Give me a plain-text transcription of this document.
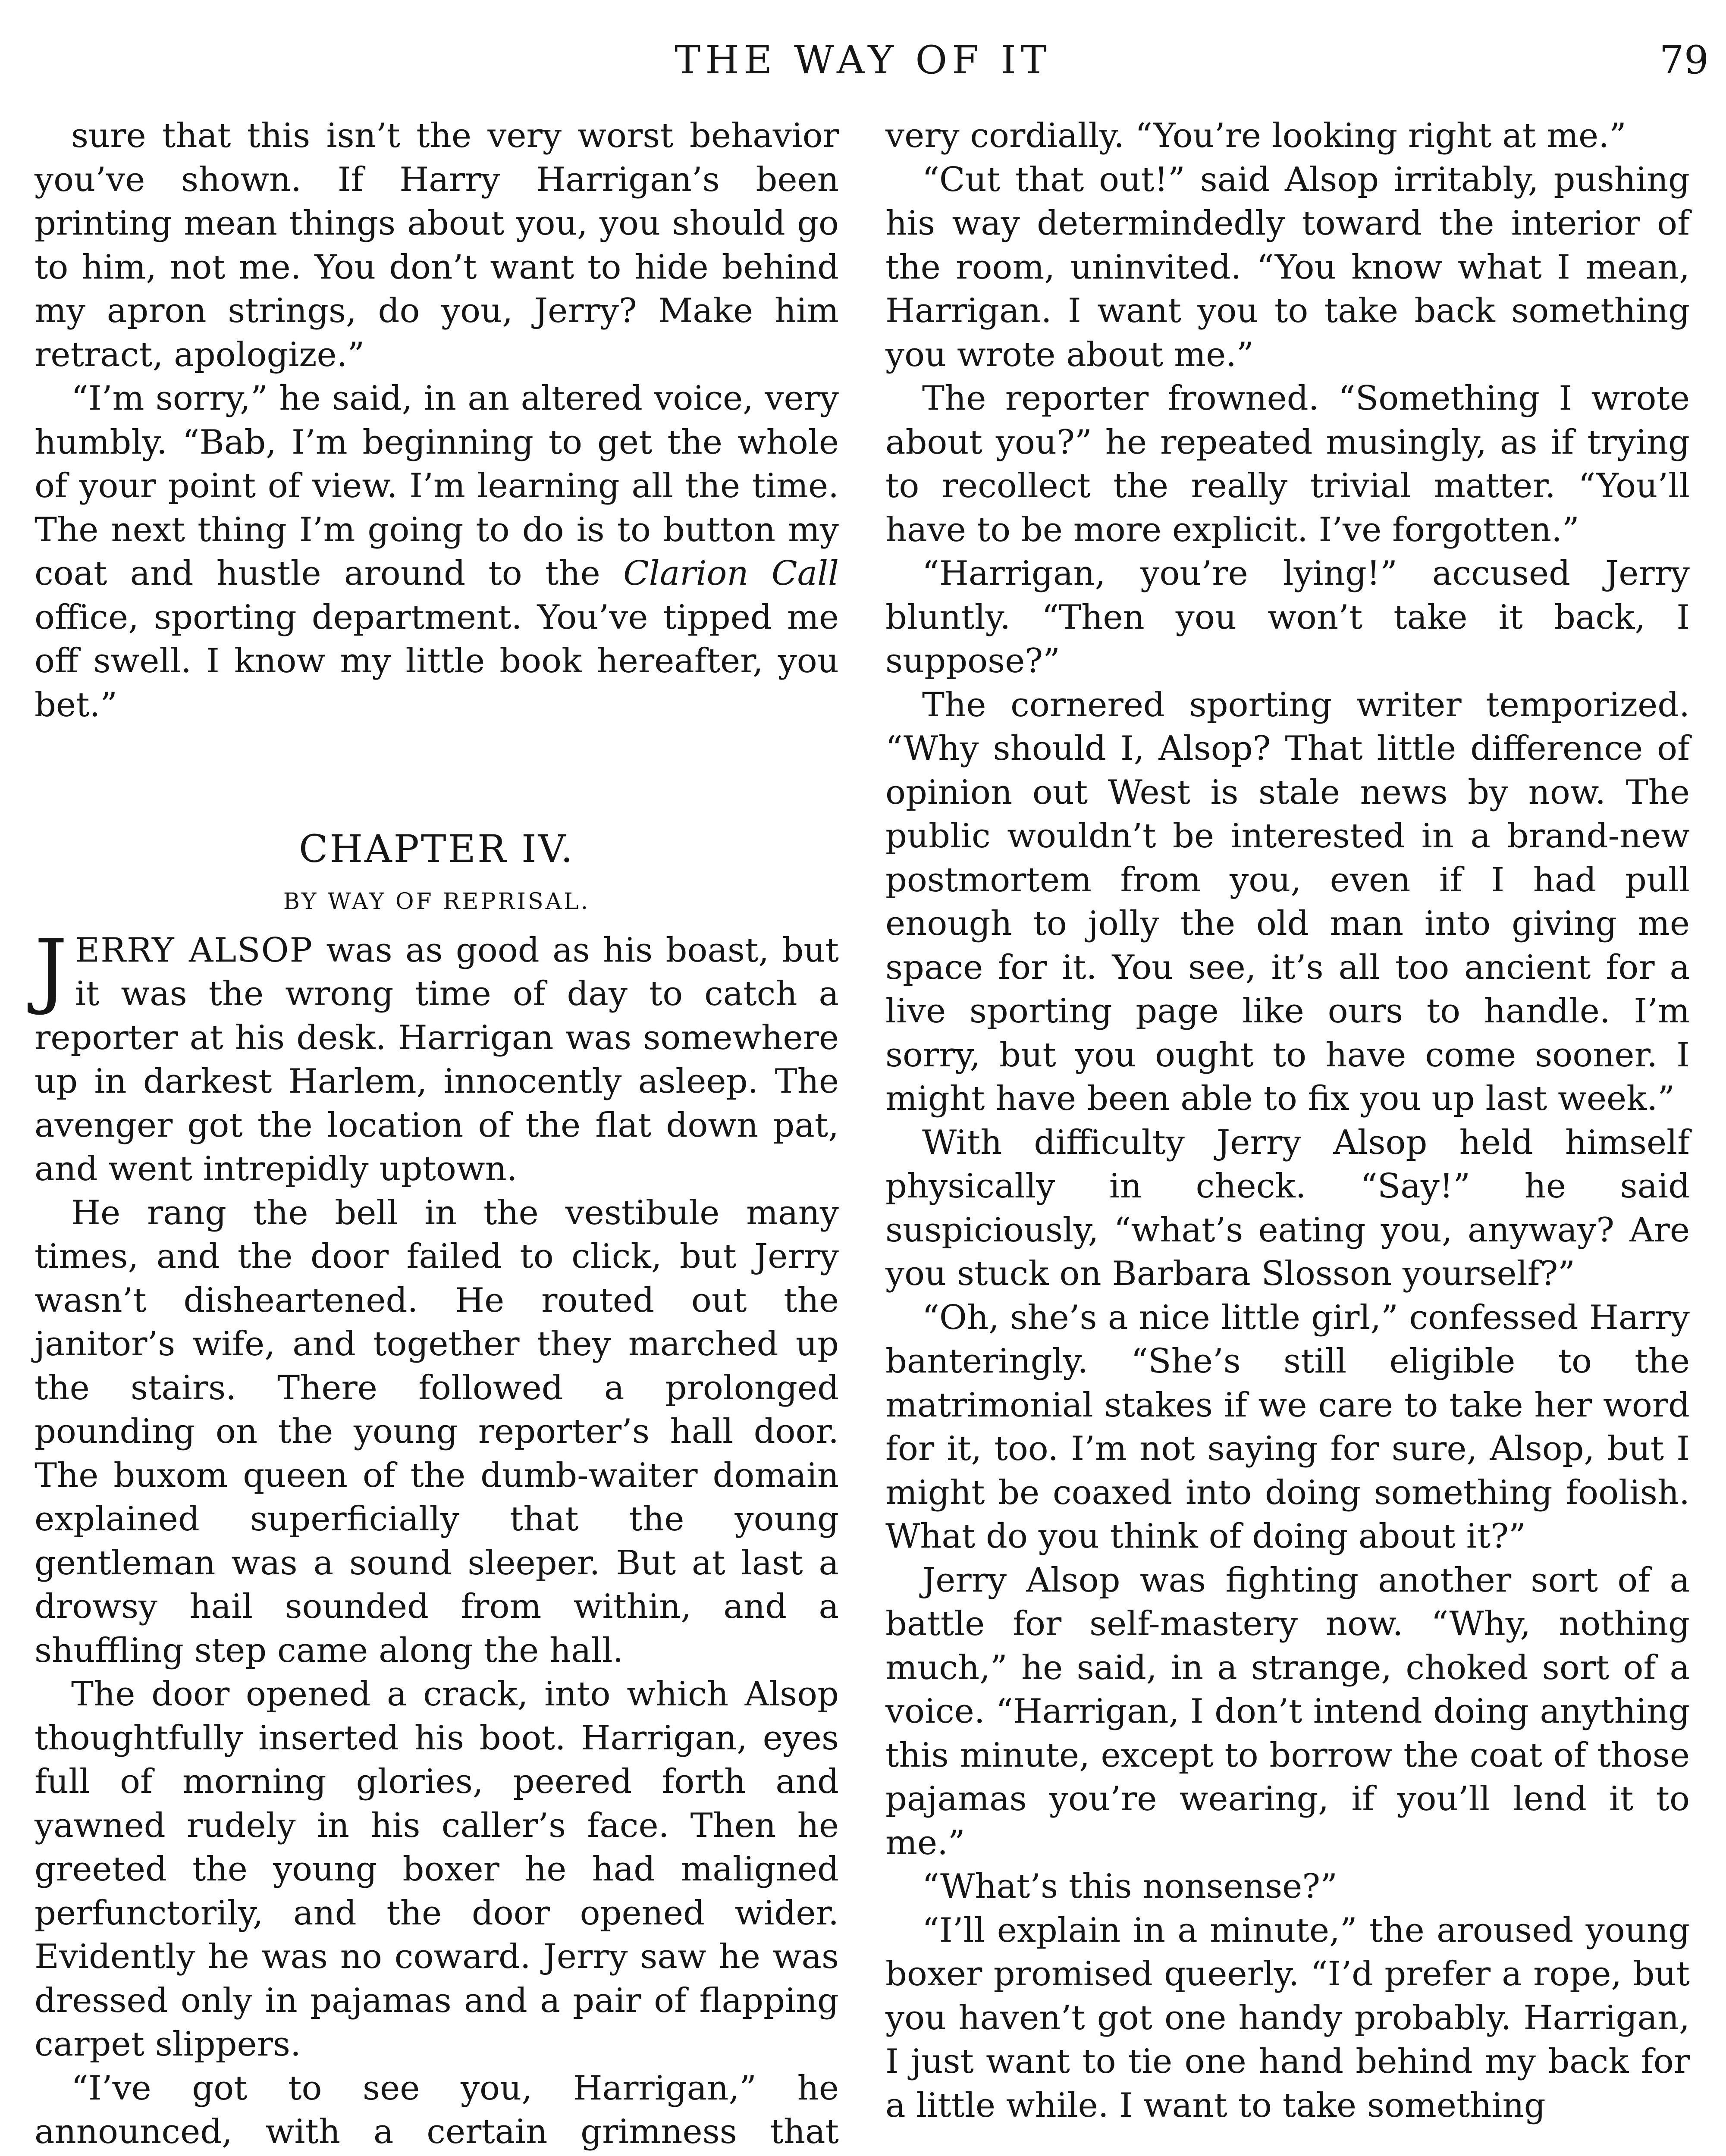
THE WAY OF IT	79

sure that this isn’t the very worst behavior you’ve shown. If Harry Harrigan’s been printing mean things about you, you should go to him, not me. You don’t want to hide behind my apron strings, do you, Jerry? Make him retract, apologize.”

“I’m sorry,” he said, in an altered voice, very humbly. “Bab, I’m beginning to get the whole of your point of view. I’m learning all the time. The next thing I’m going to do is to button my coat and hustle around to the Clarion Call office, sporting department. You’ve tipped me off swell. I know my little book hereafter, you bet.”

CHAPTER IV.
BY WAY OF REPRISAL.

JERRY ALSOP was as good as his boast, but it was the wrong time of day to catch a reporter at his desk. Harrigan was somewhere up in darkest Harlem, innocently asleep. The avenger got the location of the flat down pat, and went intrepidly uptown.

He rang the bell in the vestibule many times, and the door failed to click, but Jerry wasn’t disheartened. He routed out the janitor’s wife, and together they marched up the stairs. There followed a prolonged pounding on the young reporter’s hall door. The buxom queen of the dumb-waiter domain explained superficially that the young gentleman was a sound sleeper. But at last a drowsy hail sounded from within, and a shuffling step came along the hall.

The door opened a crack, into which Alsop thoughtfully inserted his boot. Harrigan, eyes full of morning glories, peered forth and yawned rudely in his caller’s face. Then he greeted the young boxer he had maligned perfunctorily, and the door opened wider. Evidently he was no coward. Jerry saw he was dressed only in pajamas and a pair of flapping carpet slippers.

“I’ve got to see you, Harrigan,” he announced, with a certain grimness that

very cordially. “You’re looking right at me.”

“Cut that out!” said Alsop irritably, pushing his way determindedly toward the interior of the room, uninvited. “You know what I mean, Harrigan. I want you to take back something you wrote about me.”

The reporter frowned. “Something I wrote about you?” he repeated musingly, as if trying to recollect the really trivial matter. “You’ll have to be more explicit. I’ve forgotten.”

“Harrigan, you’re lying!” accused Jerry bluntly. “Then you won’t take it back, I suppose?”

The cornered sporting writer temporized. “Why should I, Alsop? That little difference of opinion out West is stale news by now. The public wouldn’t be interested in a brand-new postmortem from you, even if I had pull enough to jolly the old man into giving me space for it. You see, it’s all too ancient for a live sporting page like ours to handle. I’m sorry, but you ought to have come sooner. I might have been able to fix you up last week.”

With difficulty Jerry Alsop held himself physically in check. “Say!” he said suspiciously, “what’s eating you, anyway? Are you stuck on Barbara Slosson yourself?”

“Oh, she’s a nice little girl,” confessed Harry banteringly. “She’s still eligible to the matrimonial stakes if we care to take her word for it, too. I’m not saying for sure, Alsop, but I might be coaxed into doing something foolish. What do you think of doing about it?”

Jerry Alsop was fighting another sort of a battle for self-mastery now. “Why, nothing much,” he said, in a strange, choked sort of a voice. “Harrigan, I don’t intend doing anything this minute, except to borrow the coat of those pajamas you’re wearing, if you’ll lend it to me.”

“What’s this nonsense?”

“I’ll explain in a minute,” the aroused young boxer promised queerly. “I’d prefer a rope, but you haven’t got one handy probably. Harrigan, I just want to tie one hand behind my back for a little while. I want to take something
